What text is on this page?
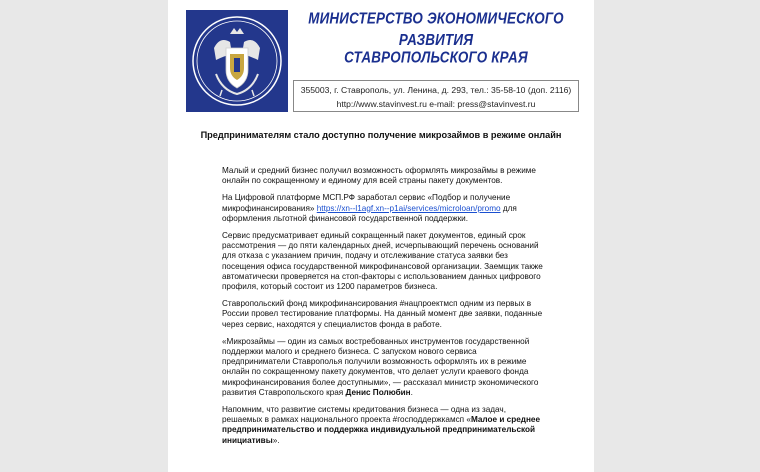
МИНИСТЕРСТВО ЭКОНОМИЧЕСКОГО РАЗВИТИЯ
СТАВРОПОЛЬСКОГО КРАЯ
355003, г. Ставрополь, ул. Ленина, д. 293, тел.: 35-58-10 (доп. 2116)
http://www.stavinvest.ru e-mail: press@stavinvest.ru
Предпринимателям стало доступно получение микрозаймов в режиме онлайн

Малый и средний бизнес получил возможность оформлять микрозаймы в режиме онлайн по сокращенному и единому для всей страны пакету документов.

На Цифровой платформе МСП.РФ заработал сервис «Подбор и получение микрофинансирования» https://xn--l1agf.xn--p1ai/services/microloan/promo для оформления льготной финансовой государственной поддержки.

Сервис предусматривает единый сокращенный пакет документов, единый срок рассмотрения — до пяти календарных дней, исчерпывающий перечень оснований для отказа с указанием причин, подачу и отслеживание статуса заявки без посещения офиса государственной микрофинансовой организации. Заемщик также автоматически проверяется на стоп-факторы с использованием данных цифрового профиля, который состоит из 1200 параметров бизнеса.

Ставропольский фонд микрофинансирования #нацпроектмсп одним из первых в России провел тестирование платформы. На данный момент две заявки, поданные через сервис, находятся у специалистов фонда в работе.

«Микрозаймы — один из самых востребованных инструментов государственной поддержки малого и среднего бизнеса. С запуском нового сервиса предприниматели Ставрополья получили возможность оформлять их в режиме онлайн по сокращенному пакету документов, что делает услуги краевого фонда микрофинансирования более доступными», — рассказал министр экономического развития Ставропольского края Денис Полюбин.

Напомним, что развитие системы кредитования бизнеса — одна из задач, решаемых в рамках национального проекта #господдержкамсп «Малое и среднее предпринимательство и поддержка индивидуальной предпринимательской инициативы».
